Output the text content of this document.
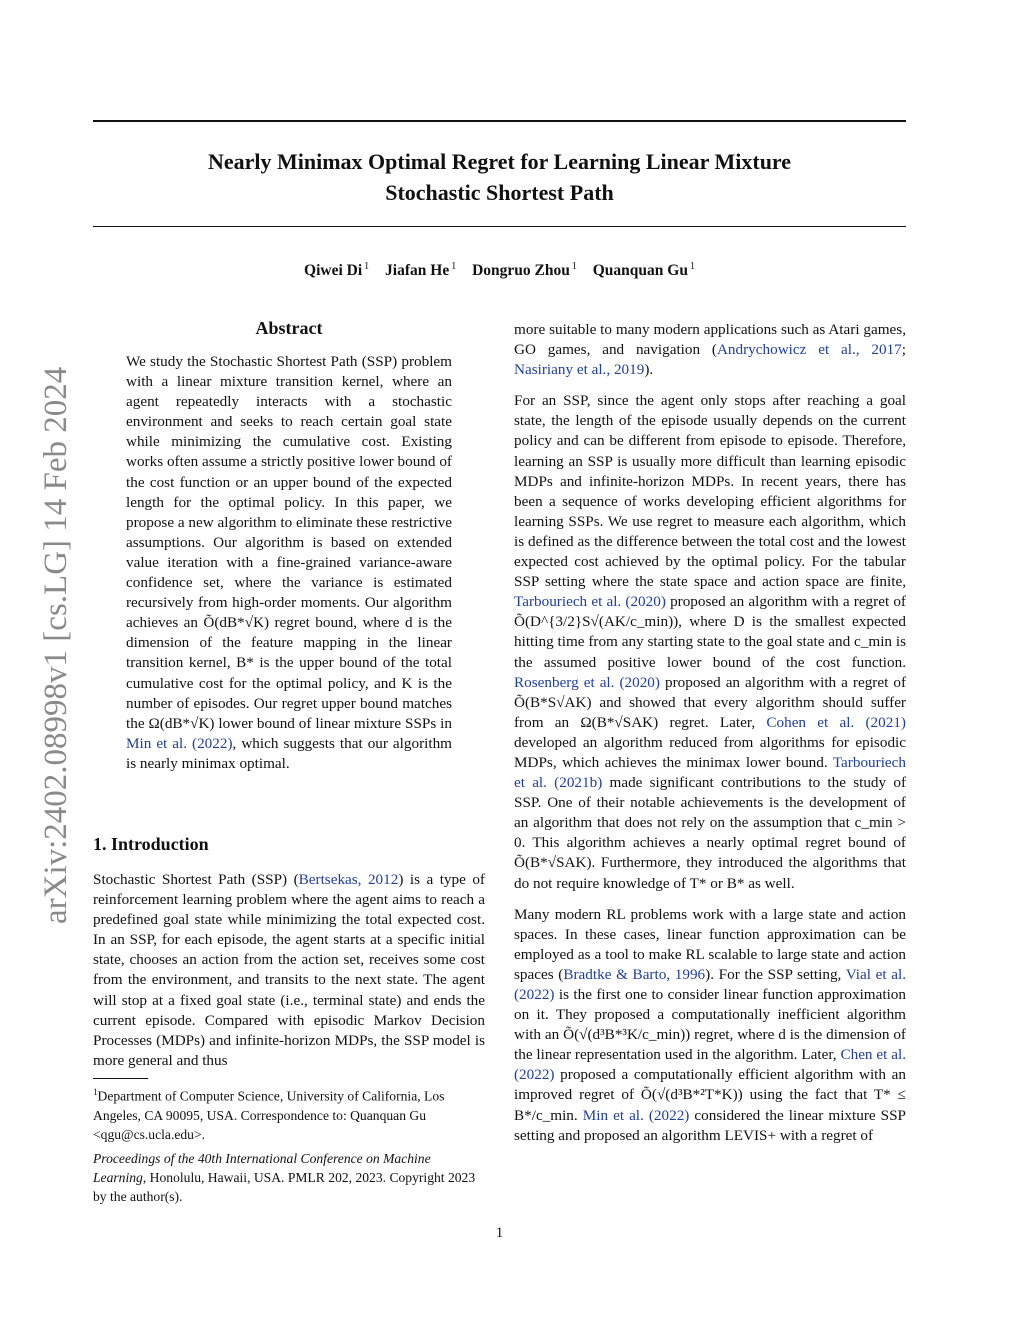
arXiv:2402.08998v1 [cs.LG] 14 Feb 2024
Nearly Minimax Optimal Regret for Learning Linear Mixture
Stochastic Shortest Path
Qiwei Di $^1$ Jiafan He $^1$ Dongruo Zhou $^1$ Quanquan Gu $^1$
Abstract

We study the Stochastic Shortest Path (SSP) problem with a linear mixture transition kernel, where an agent repeatedly interacts with a stochastic environment and seeks to reach certain goal state while minimizing the cumulative cost. Existing works often assume a strictly positive lower bound of the cost function or an upper bound of the expected length for the optimal policy. In this paper, we propose a new algorithm to eliminate these restrictive assumptions. Our algorithm is based on extended value iteration with a fine-grained variance-aware confidence set, where the variance is estimated recursively from high-order moments. Our algorithm achieves an Õ(dB*√K) regret bound, where d is the dimension of the feature mapping in the linear transition kernel, B* is the upper bound of the total cumulative cost for the optimal policy, and K is the number of episodes. Our regret upper bound matches the Ω(dB*√K) lower bound of linear mixture SSPs in Min et al. (2022), which suggests that our algorithm is nearly minimax optimal.

1. Introduction

Stochastic Shortest Path (SSP) (Bertsekas, 2012) is a type of reinforcement learning problem where the agent aims to reach a predefined goal state while minimizing the total expected cost. In an SSP, for each episode, the agent starts at a specific initial state, chooses an action from the action set, receives some cost from the environment, and transits to the next state. The agent will stop at a fixed goal state (i.e., terminal state) and ends the current episode. Compared with episodic Markov Decision Processes (MDPs) and infinite-horizon MDPs, the SSP model is more general and thus

$^1$Department of Computer Science, University of California, Los Angeles, CA 90095, USA. Correspondence to: Quanquan Gu <qgu@cs.ucla.edu>.

Proceedings of the 40th International Conference on Machine Learning, Honolulu, Hawaii, USA. PMLR 202, 2023. Copyright 2023 by the author(s).

more suitable to many modern applications such as Atari games, GO games, and navigation (Andrychowicz et al., 2017; Nasiriany et al., 2019).

For an SSP, since the agent only stops after reaching a goal state, the length of the episode usually depends on the current policy and can be different from episode to episode. Therefore, learning an SSP is usually more difficult than learning episodic MDPs and infinite-horizon MDPs. In recent years, there has been a sequence of works developing efficient algorithms for learning SSPs. We use regret to measure each algorithm, which is defined as the difference between the total cost and the lowest expected cost achieved by the optimal policy. For the tabular SSP setting where the state space and action space are finite, Tarbouriech et al. (2020) proposed an algorithm with a regret of Õ(D^{3/2}S√(AK/c_min)), where D is the smallest expected hitting time from any starting state to the goal state and c_min is the assumed positive lower bound of the cost function. Rosenberg et al. (2020) proposed an algorithm with a regret of Õ(B*S√AK) and showed that every algorithm should suffer from an Ω(B*√SAK) regret. Later, Cohen et al. (2021) developed an algorithm reduced from algorithms for episodic MDPs, which achieves the minimax lower bound. Tarbouriech et al. (2021b) made significant contributions to the study of SSP. One of their notable achievements is the development of an algorithm that does not rely on the assumption that c_min > 0. This algorithm achieves a nearly optimal regret bound of Õ(B*√SAK). Furthermore, they introduced the algorithms that do not require knowledge of T* or B* as well.

Many modern RL problems work with a large state and action spaces. In these cases, linear function approximation can be employed as a tool to make RL scalable to large state and action spaces (Bradtke & Barto, 1996). For the SSP setting, Vial et al. (2022) is the first one to consider linear function approximation on it. They proposed a computationally inefficient algorithm with an Õ(√(d³B*³K/c_min)) regret, where d is the dimension of the linear representation used in the algorithm. Later, Chen et al. (2022) proposed a computationally efficient algorithm with an improved regret of Õ(√(d³B*²T*K)) using the fact that T* ≤ B*/c_min. Min et al. (2022) considered the linear mixture SSP setting and proposed an algorithm LEVIS+ with a regret of

1
